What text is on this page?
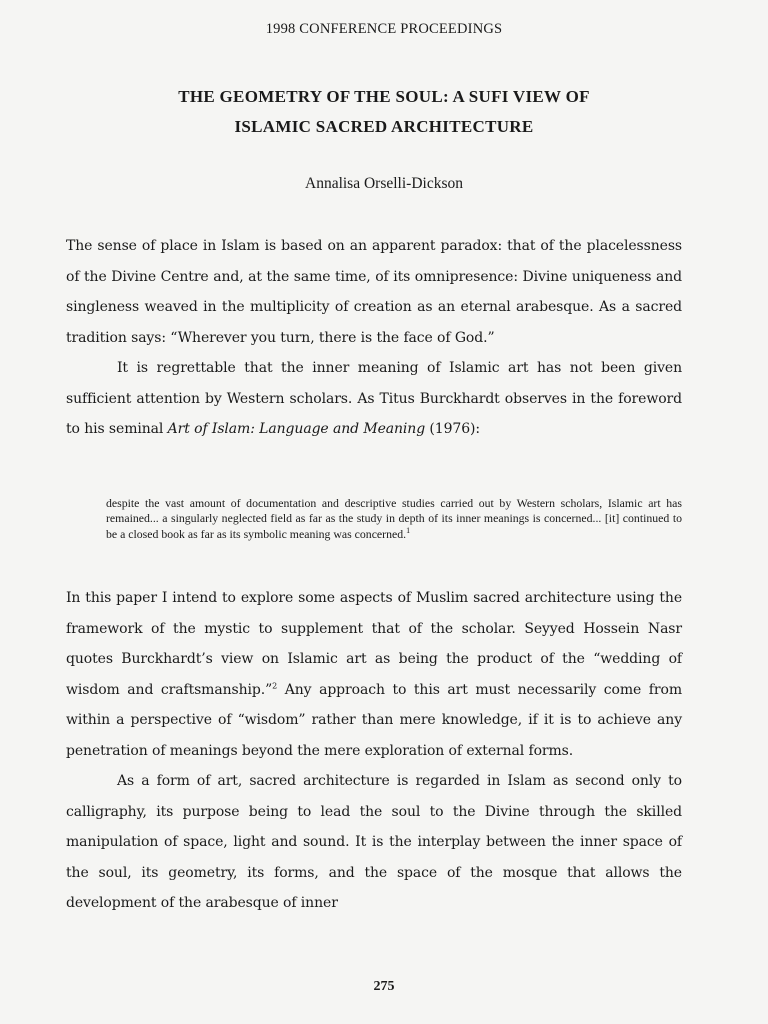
1998 CONFERENCE PROCEEDINGS
THE GEOMETRY OF THE SOUL: A SUFI VIEW OF
ISLAMIC SACRED ARCHITECTURE
Annalisa Orselli-Dickson

The sense of place in Islam is based on an apparent paradox: that of the placelessness of the Divine Centre and, at the same time, of its omnipresence: Divine uniqueness and singleness weaved in the multiplicity of creation as an eternal arabesque. As a sacred tradition says: “Wherever you turn, there is the face of God.”

It is regrettable that the inner meaning of Islamic art has not been given sufficient attention by Western scholars. As Titus Burckhardt observes in the foreword to his seminal Art of Islam: Language and Meaning (1976):

despite the vast amount of documentation and descriptive studies carried out by Western scholars, Islamic art has remained... a singularly neglected field as far as the study in depth of its inner meanings is concerned... [it] continued to be a closed book as far as its symbolic meaning was concerned.$^1$

In this paper I intend to explore some aspects of Muslim sacred architecture using the framework of the mystic to supplement that of the scholar. Seyyed Hossein Nasr quotes Burckhardt’s view on Islamic art as being the product of the “wedding of wisdom and craftsmanship.”$^2$ Any approach to this art must necessarily come from within a perspective of “wisdom” rather than mere knowledge, if it is to achieve any penetration of meanings beyond the mere exploration of external forms.

As a form of art, sacred architecture is regarded in Islam as second only to calligraphy, its purpose being to lead the soul to the Divine through the skilled manipulation of space, light and sound. It is the interplay between the inner space of the soul, its geometry, its forms, and the space of the mosque that allows the development of the arabesque of inner

275
